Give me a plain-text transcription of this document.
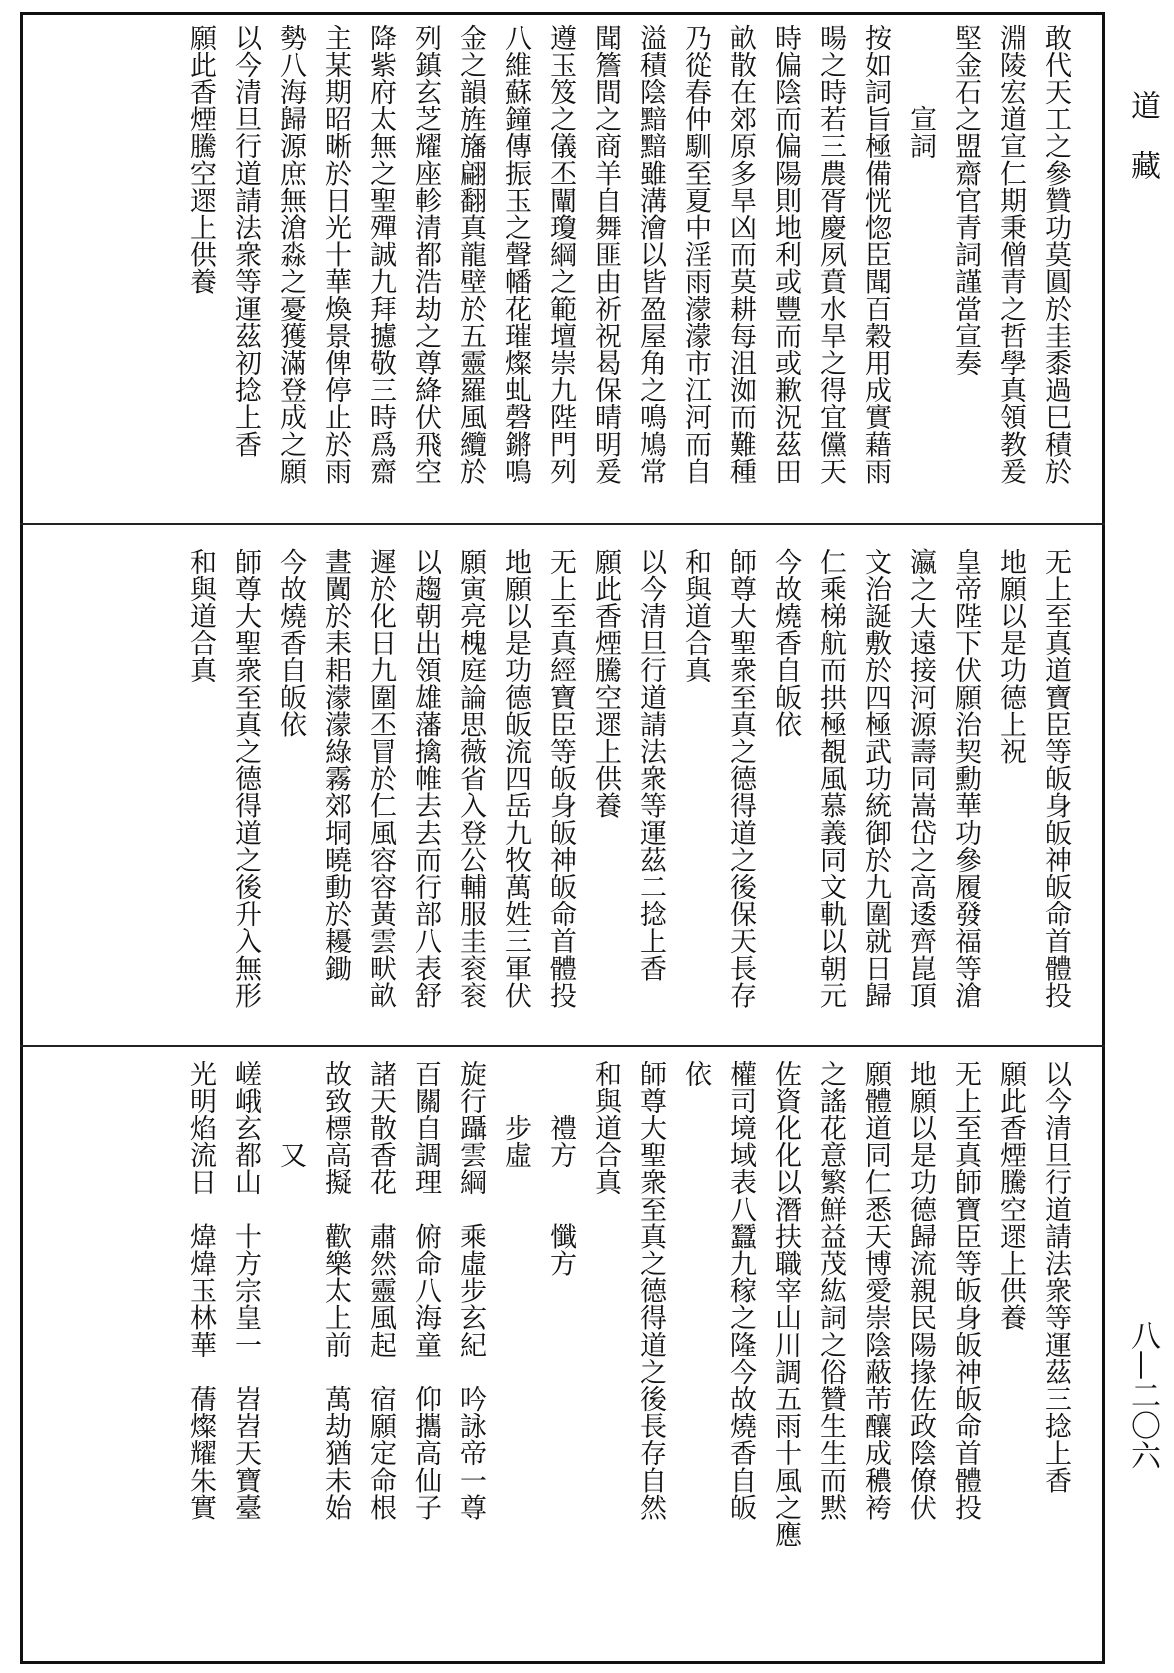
敢代天工之參贊功莫圓於圭黍過巳積於
淵陵宏道宣仁期秉僧青之哲學真領教爰
堅金石之盟齋官青詞謹當宣奏
　　　宣詞
按如詞旨極備恍惚臣聞百穀用成實藉雨
暘之時若三農胥慶夙賁水旱之得宜儻天
時偏陰而偏陽則地利或豐而或歉況茲田
畝散在郊原多旱凶而莫耕每沮洳而難種
乃從春仲馴至夏中淫雨濛濛市江河而自
溢積陰黯黯雖溝澮以皆盈屋角之鳴鳩常
聞簷間之商羊自舞匪由祈祝曷保晴明爰
遵玉笈之儀丕闡瓊綱之範壇崇九陛門列
八維蘇鐘傳振玉之聲幡花璀燦虬磬鏘鳴
金之韻旌旛翩翻真龍壁於五靈羅風纜於
列鎮玄芝耀座軫清都浩劫之尊絳伏飛空
降紫府太無之聖殫誠九拜攄敬三時爲齋
主某期昭晰於日光十華煥景俾停止於雨
勢八海歸源庶無滄淼之憂獲滿登成之願
以今清旦行道請法衆等運茲初捻上香
願此香煙騰空遝上供養
无上至真道寶臣等皈身皈神皈命首體投
地願以是功德上祝
皇帝陛下伏願治契勳華功參履發福等滄
瀛之大遠接河源壽同嵩岱之高逶齊崑頂
文治誕敷於四極武功統御於九圍就日歸
仁乘梯航而拱極覩風慕義同文軌以朝元
今故燒香自皈依
師尊大聖衆至真之德得道之後保天長存
和與道合真
以今清旦行道請法衆等運茲二捻上香
願此香煙騰空遝上供養
无上至真經寶臣等皈身皈神皈命首體投
地願以是功德皈流四岳九牧萬姓三軍伏
願寅亮槐庭論思薇省入登公輔服圭衮衮
以趨朝出領雄藩擒帷去去而行部八表舒
遲於化日九圍丕冒於仁風容容黃雲畎畝
晝闐於耒耜濛濛綠霧郊垌曉動於耰鋤
今故燒香自皈依
師尊大聖衆至真之德得道之後升入無形
和與道合真
以今清旦行道請法衆等運茲三捻上香
願此香煙騰空遝上供養
无上至真師寶臣等皈身皈神皈命首體投
地願以是功德歸流親民陽掾佐政陰僚伏
願體道同仁悉天博愛崇陰蔽芾釀成穠袴
之謠花意繁鮮益茂紘詞之俗贊生生而黙
佐資化化以潛扶職宰山川調五雨十風之應
權司境域表八蠶九稼之隆今故燒香自皈
依
師尊大聖衆至真之德得道之後長存自然
和與道合真
　　禮方　　懺方
　　步虛
旋行躡雲綱　乘虛步玄紀　吟詠帝一尊
百關自調理　俯命八海童　仰攜高仙子
諸天散香花　肅然靈風起　宿願定命根
故致標高擬　歡樂太上前　萬劫猶未始
　　　又
嵯峨玄都山　十方宗皇一　岧岧天寶臺
光明焰流日　煒煒玉林華　蒨燦耀朱實
道　藏
八—二〇六
